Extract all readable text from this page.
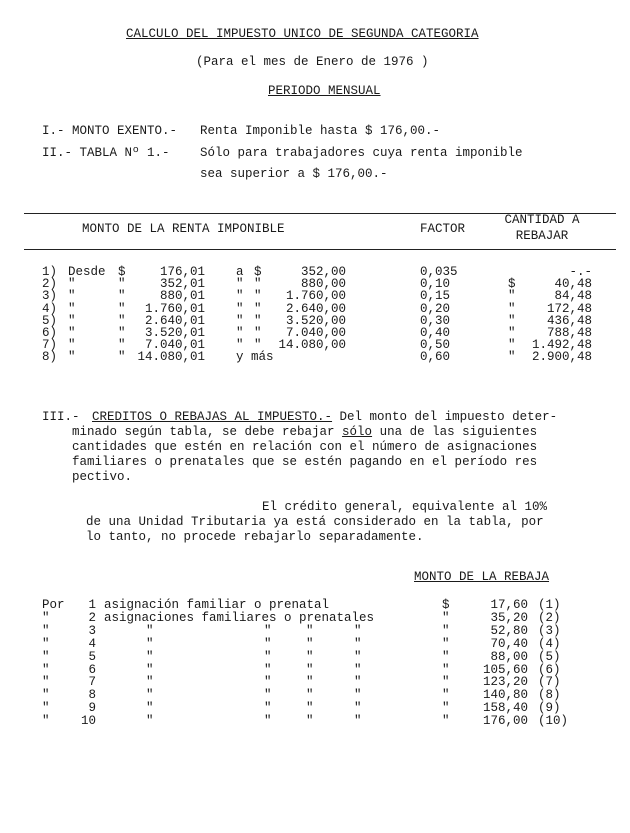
CALCULO DEL IMPUESTO UNICO DE SEGUNDA CATEGORIA
(Para el mes de Enero de 1976 )
PERIODO MENSUAL
I.- MONTO EXENTO.- Renta Imponible hasta $ 176,00.-
II.- TABLA Nº 1.- Sólo para trabajadores cuya renta imponible
sea superior a $ 176,00.-
MONTO DE LA RENTA IMPONIBLE	FACTOR
CANTIDAD A
REBAJAR
1) Desde $	176,01 a $	352,00	0,035	-.-
2) "	"	352,01 " "	880,00	0,10	$	40,48
3) "	"	880,01 " "	1.760,00	0,15	"	84,48
4) "	"	1.760,01 " "	2.640,00	0,20	"	172,48
5) "	"	2.640,01 " "	3.520,00	0,30	"	436,48
6) "	"	3.520,01 " "	7.040,00	0,40	"	788,48
7) "	"	7.040,01 " "	14.080,00	0,50	"	1.492,48
8) "	" 14.080,01 y más	0,60	"	2.900,48
III.- CREDITOS O REBAJAS AL IMPUESTO.- Del monto del impuesto deter-
minado según tabla, se debe rebajar sólo una de las siguientes
cantidades que estén en relación con el número de asignaciones
familiares o prenatales que se estén pagando en el período res
pectivo.
El crédito general, equivalente al 10%
de una Unidad Tributaria ya está considerado en la tabla, por
lo tanto, no procede rebajarlo separadamente.
MONTO DE LA REBAJA
Por	1 asignación familiar o prenatal	$	17,60 (1)
"	2 asignaciones familiares o prenatales	"	35,20 (2)
"	3	"	"	"	"	"	52,80 (3)
"	4	"	"	"	"	"	70,40 (4)
"	5	"	"	"	"	"	88,00 (5)
"	6	"	"	"	"	"	105,60 (6)
"	7	"	"	"	"	"	123,20 (7)
"	8	"	"	"	"	"	140,80 (8)
"	9	"	"	"	"	"	158,40 (9)
"	10	"	"	"	"	"	176,00 (10)
